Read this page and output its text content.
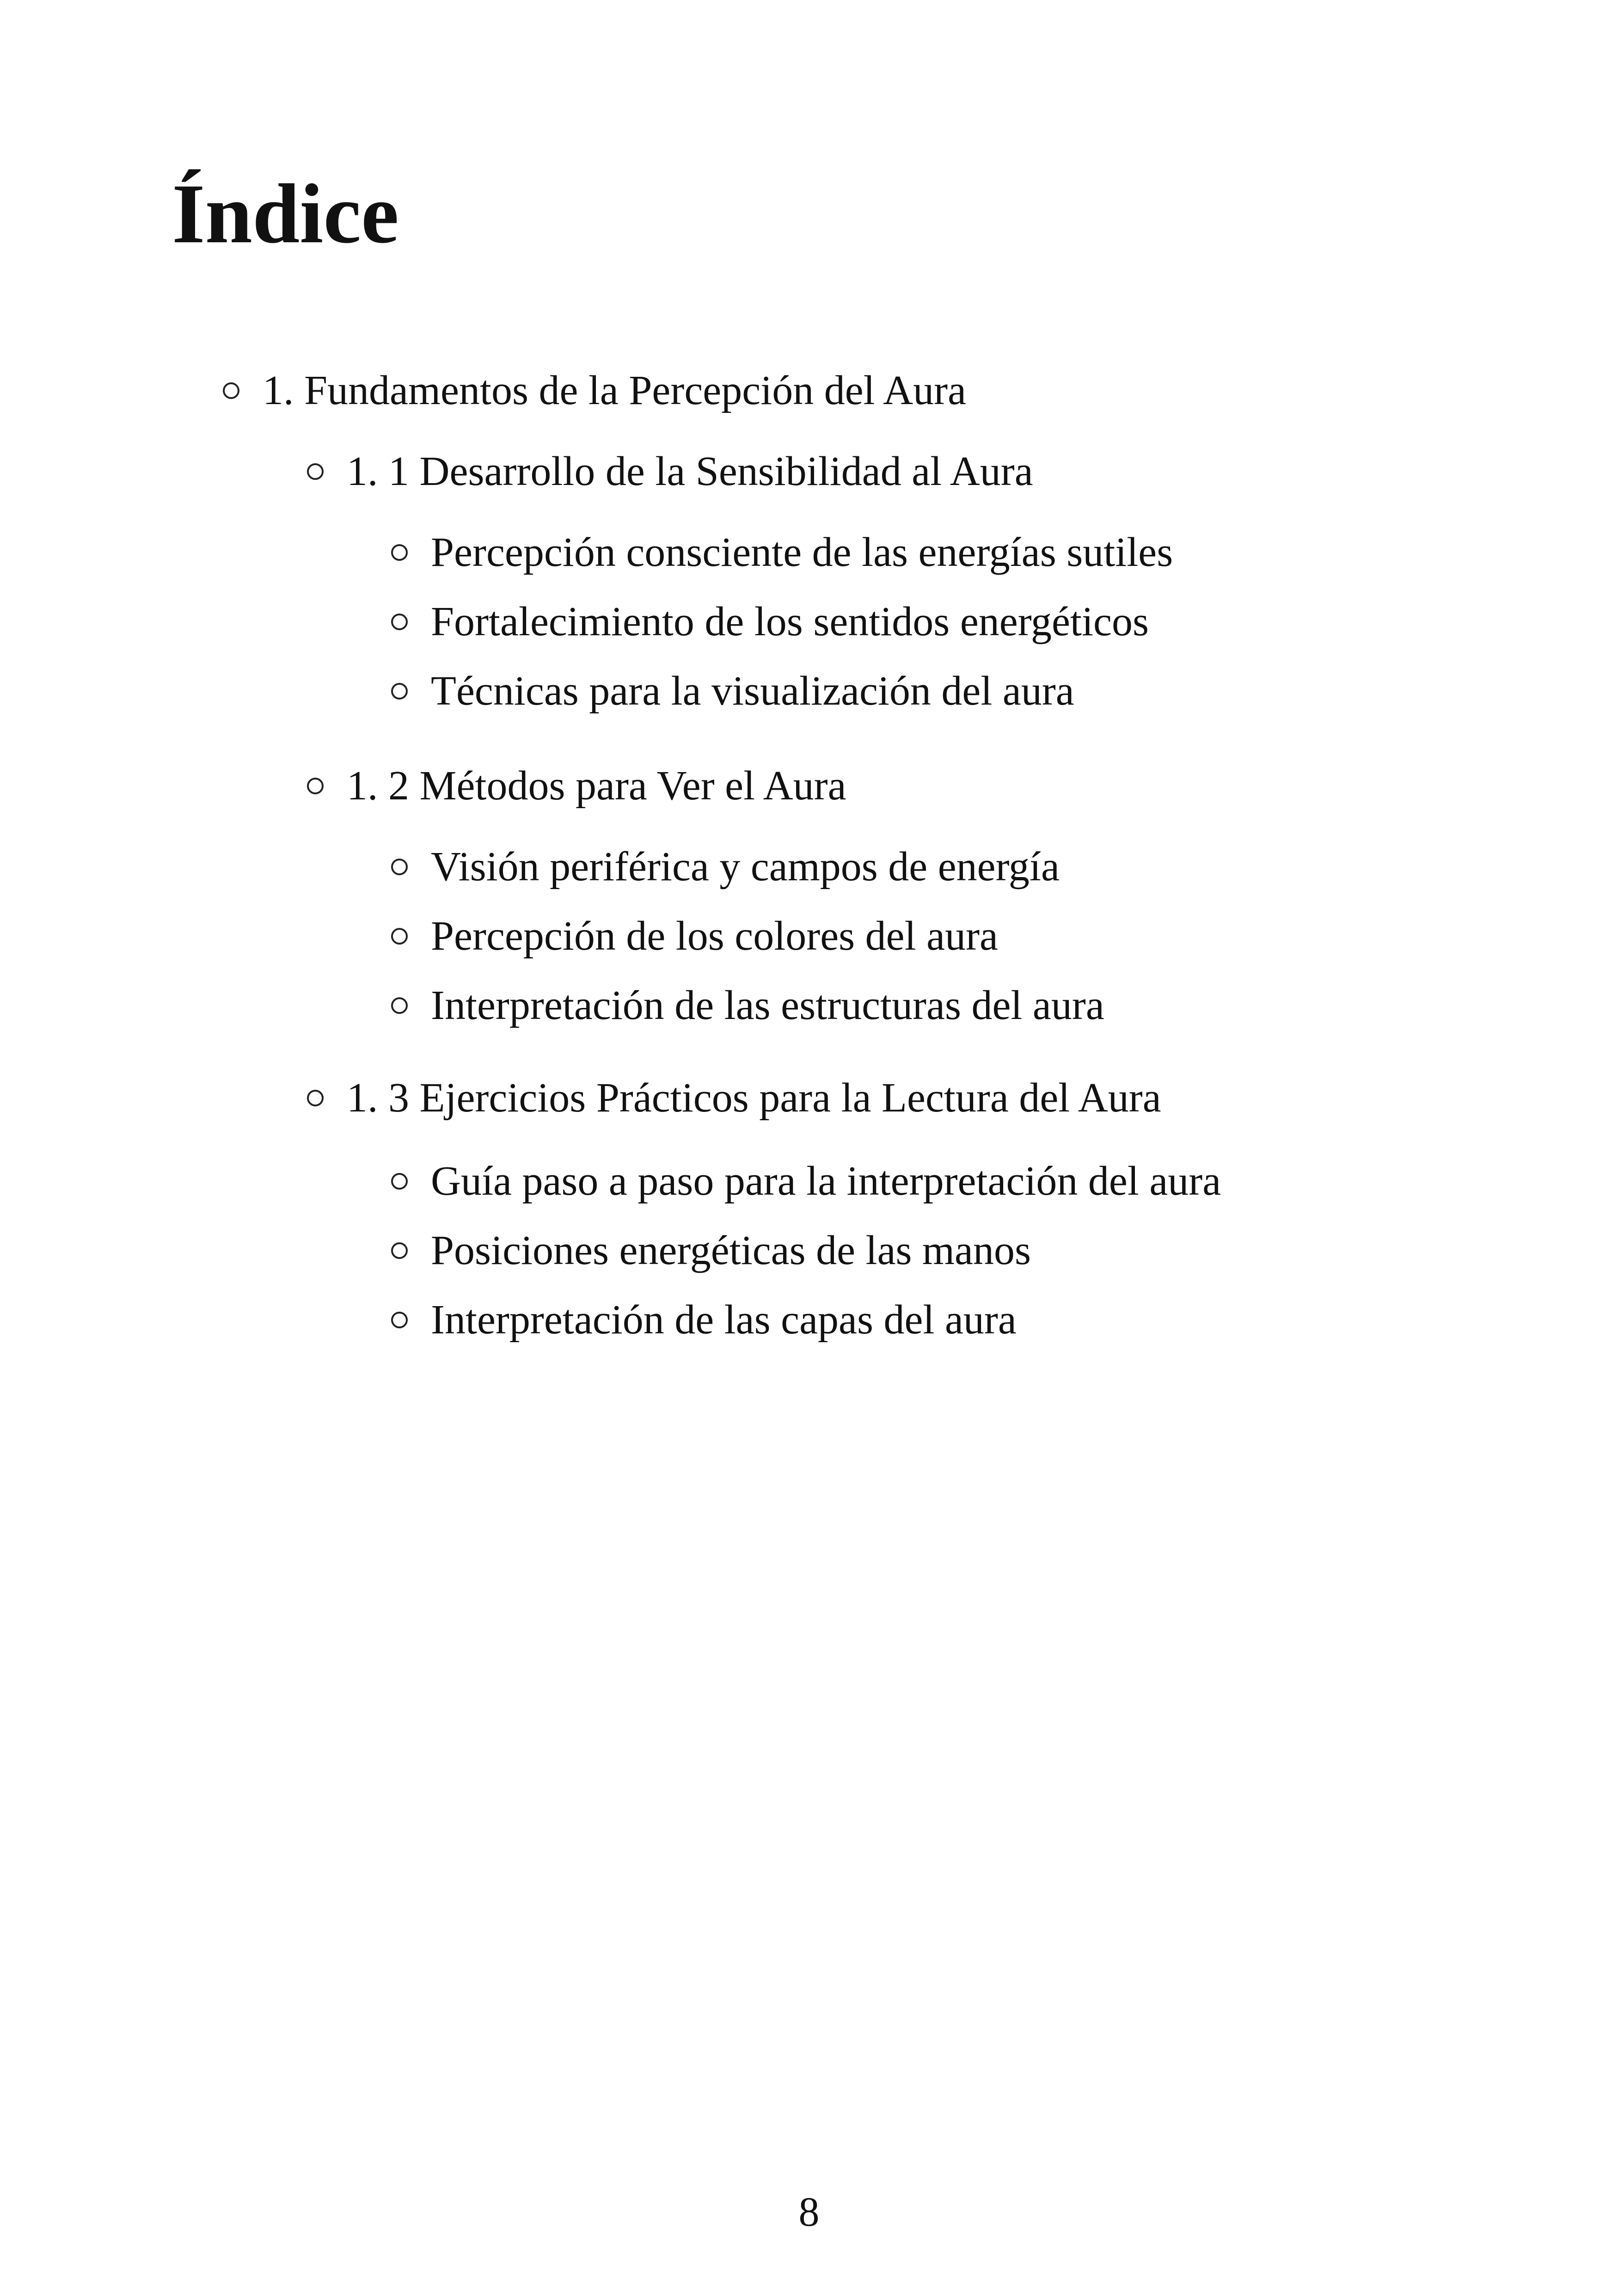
Índice
1. Fundamentos de la Percepción del Aura
1. 1 Desarrollo de la Sensibilidad al Aura
Percepción consciente de las energías sutiles
Fortalecimiento de los sentidos energéticos
Técnicas para la visualización del aura
1. 2 Métodos para Ver el Aura
Visión periférica y campos de energía
Percepción de los colores del aura
Interpretación de las estructuras del aura
1. 3 Ejercicios Prácticos para la Lectura del Aura
Guía paso a paso para la interpretación del aura
Posiciones energéticas de las manos
Interpretación de las capas del aura
8
